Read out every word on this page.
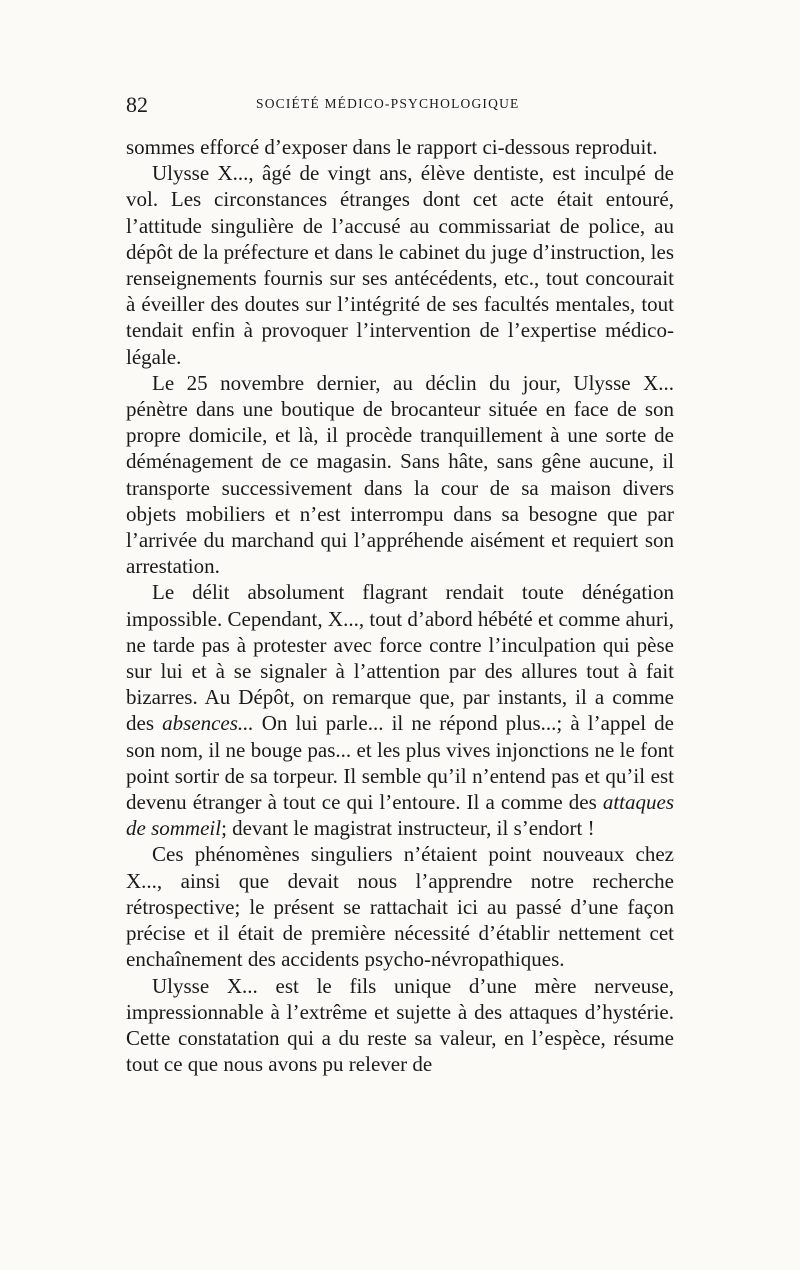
82	SOCIÉTÉ MÉDICO-PSYCHOLOGIQUE

sommes efforcé d’exposer dans le rapport ci-dessous reproduit.

Ulysse X..., âgé de vingt ans, élève dentiste, est inculpé de vol. Les circonstances étranges dont cet acte était entouré, l’attitude singulière de l’accusé au commissariat de police, au dépôt de la préfecture et dans le cabinet du juge d’instruction, les renseignements fournis sur ses antécédents, etc., tout concourait à éveiller des doutes sur l’intégrité de ses facultés mentales, tout tendait enfin à provoquer l’intervention de l’expertise médico-légale.

Le 25 novembre dernier, au déclin du jour, Ulysse X... pénètre dans une boutique de brocanteur située en face de son propre domicile, et là, il procède tranquillement à une sorte de déménagement de ce magasin. Sans hâte, sans gêne aucune, il transporte successivement dans la cour de sa maison divers objets mobiliers et n’est interrompu dans sa besogne que par l’arrivée du marchand qui l’appréhende aisément et requiert son arrestation.

Le délit absolument flagrant rendait toute dénégation impossible. Cependant, X..., tout d’abord hébété et comme ahuri, ne tarde pas à protester avec force contre l’inculpation qui pèse sur lui et à se signaler à l’attention par des allures tout à fait bizarres. Au Dépôt, on remarque que, par instants, il a comme des absences... On lui parle... il ne répond plus...; à l’appel de son nom, il ne bouge pas... et les plus vives injonctions ne le font point sortir de sa torpeur. Il semble qu’il n’entend pas et qu’il est devenu étranger à tout ce qui l’entoure. Il a comme des attaques de sommeil; devant le magistrat instructeur, il s’endort !

Ces phénomènes singuliers n’étaient point nouveaux chez X..., ainsi que devait nous l’apprendre notre recherche rétrospective; le présent se rattachait ici au passé d’une façon précise et il était de première nécessité d’établir nettement cet enchaînement des accidents psycho-névropathiques.

Ulysse X... est le fils unique d’une mère nerveuse, impressionnable à l’extrême et sujette à des attaques d’hystérie. Cette constatation qui a du reste sa valeur, en l’espèce, résume tout ce que nous avons pu relever de
